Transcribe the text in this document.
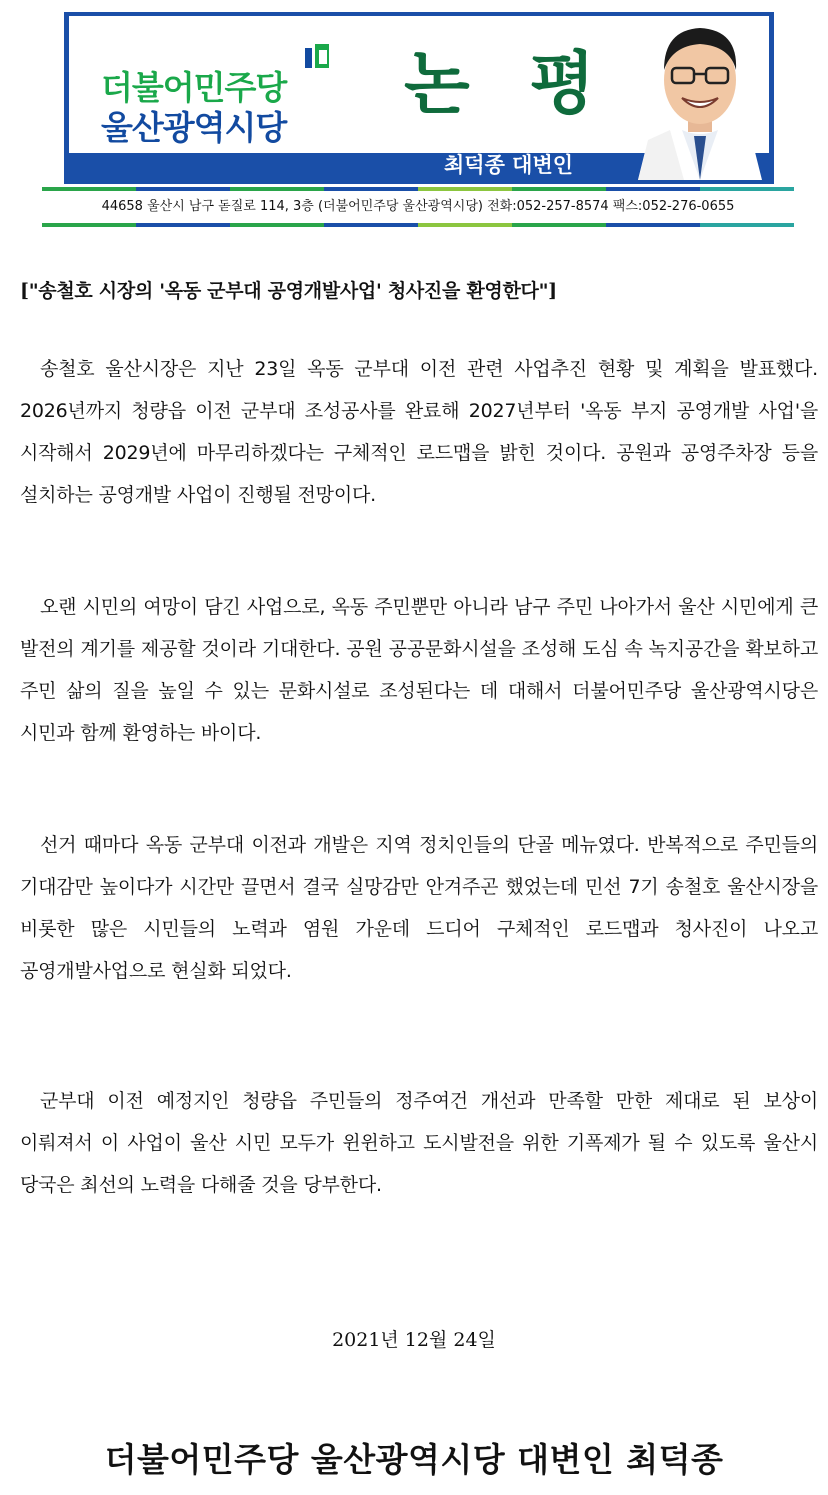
더불어민주당
울산광역시당
논 평
최덕종 대변인
44658 울산시 남구 돋질로 114, 3층 (더불어민주당 울산광역시당) 전화:052-257-8574 팩스:052-276-0655
["송철호 시장의 '옥동 군부대 공영개발사업' 청사진을 환영한다"]

송철호 울산시장은 지난 23일 옥동 군부대 이전 관련 사업추진 현황 및 계획을 발표했다. 2026년까지 청량읍 이전 군부대 조성공사를 완료해 2027년부터 '옥동 부지 공영개발 사업'을 시작해서 2029년에 마무리하겠다는 구체적인 로드맵을 밝힌 것이다. 공원과 공영주차장 등을 설치하는 공영개발 사업이 진행될 전망이다.

오랜 시민의 여망이 담긴 사업으로, 옥동 주민뿐만 아니라 남구 주민 나아가서 울산 시민에게 큰 발전의 계기를 제공할 것이라 기대한다. 공원 공공문화시설을 조성해 도심 속 녹지공간을 확보하고 주민 삶의 질을 높일 수 있는 문화시설로 조성된다는 데 대해서 더불어민주당 울산광역시당은 시민과 함께 환영하는 바이다.

선거 때마다 옥동 군부대 이전과 개발은 지역 정치인들의 단골 메뉴였다. 반복적으로 주민들의 기대감만 높이다가 시간만 끌면서 결국 실망감만 안겨주곤 했었는데 민선 7기 송철호 울산시장을 비롯한 많은 시민들의 노력과 염원 가운데 드디어 구체적인 로드맵과 청사진이 나오고 공영개발사업으로 현실화 되었다.

군부대 이전 예정지인 청량읍 주민들의 정주여건 개선과 만족할 만한 제대로 된 보상이 이뤄져서 이 사업이 울산 시민 모두가 윈윈하고 도시발전을 위한 기폭제가 될 수 있도록 울산시 당국은 최선의 노력을 다해줄 것을 당부한다.

2021년 12월 24일
더불어민주당 울산광역시당 대변인 최덕종
